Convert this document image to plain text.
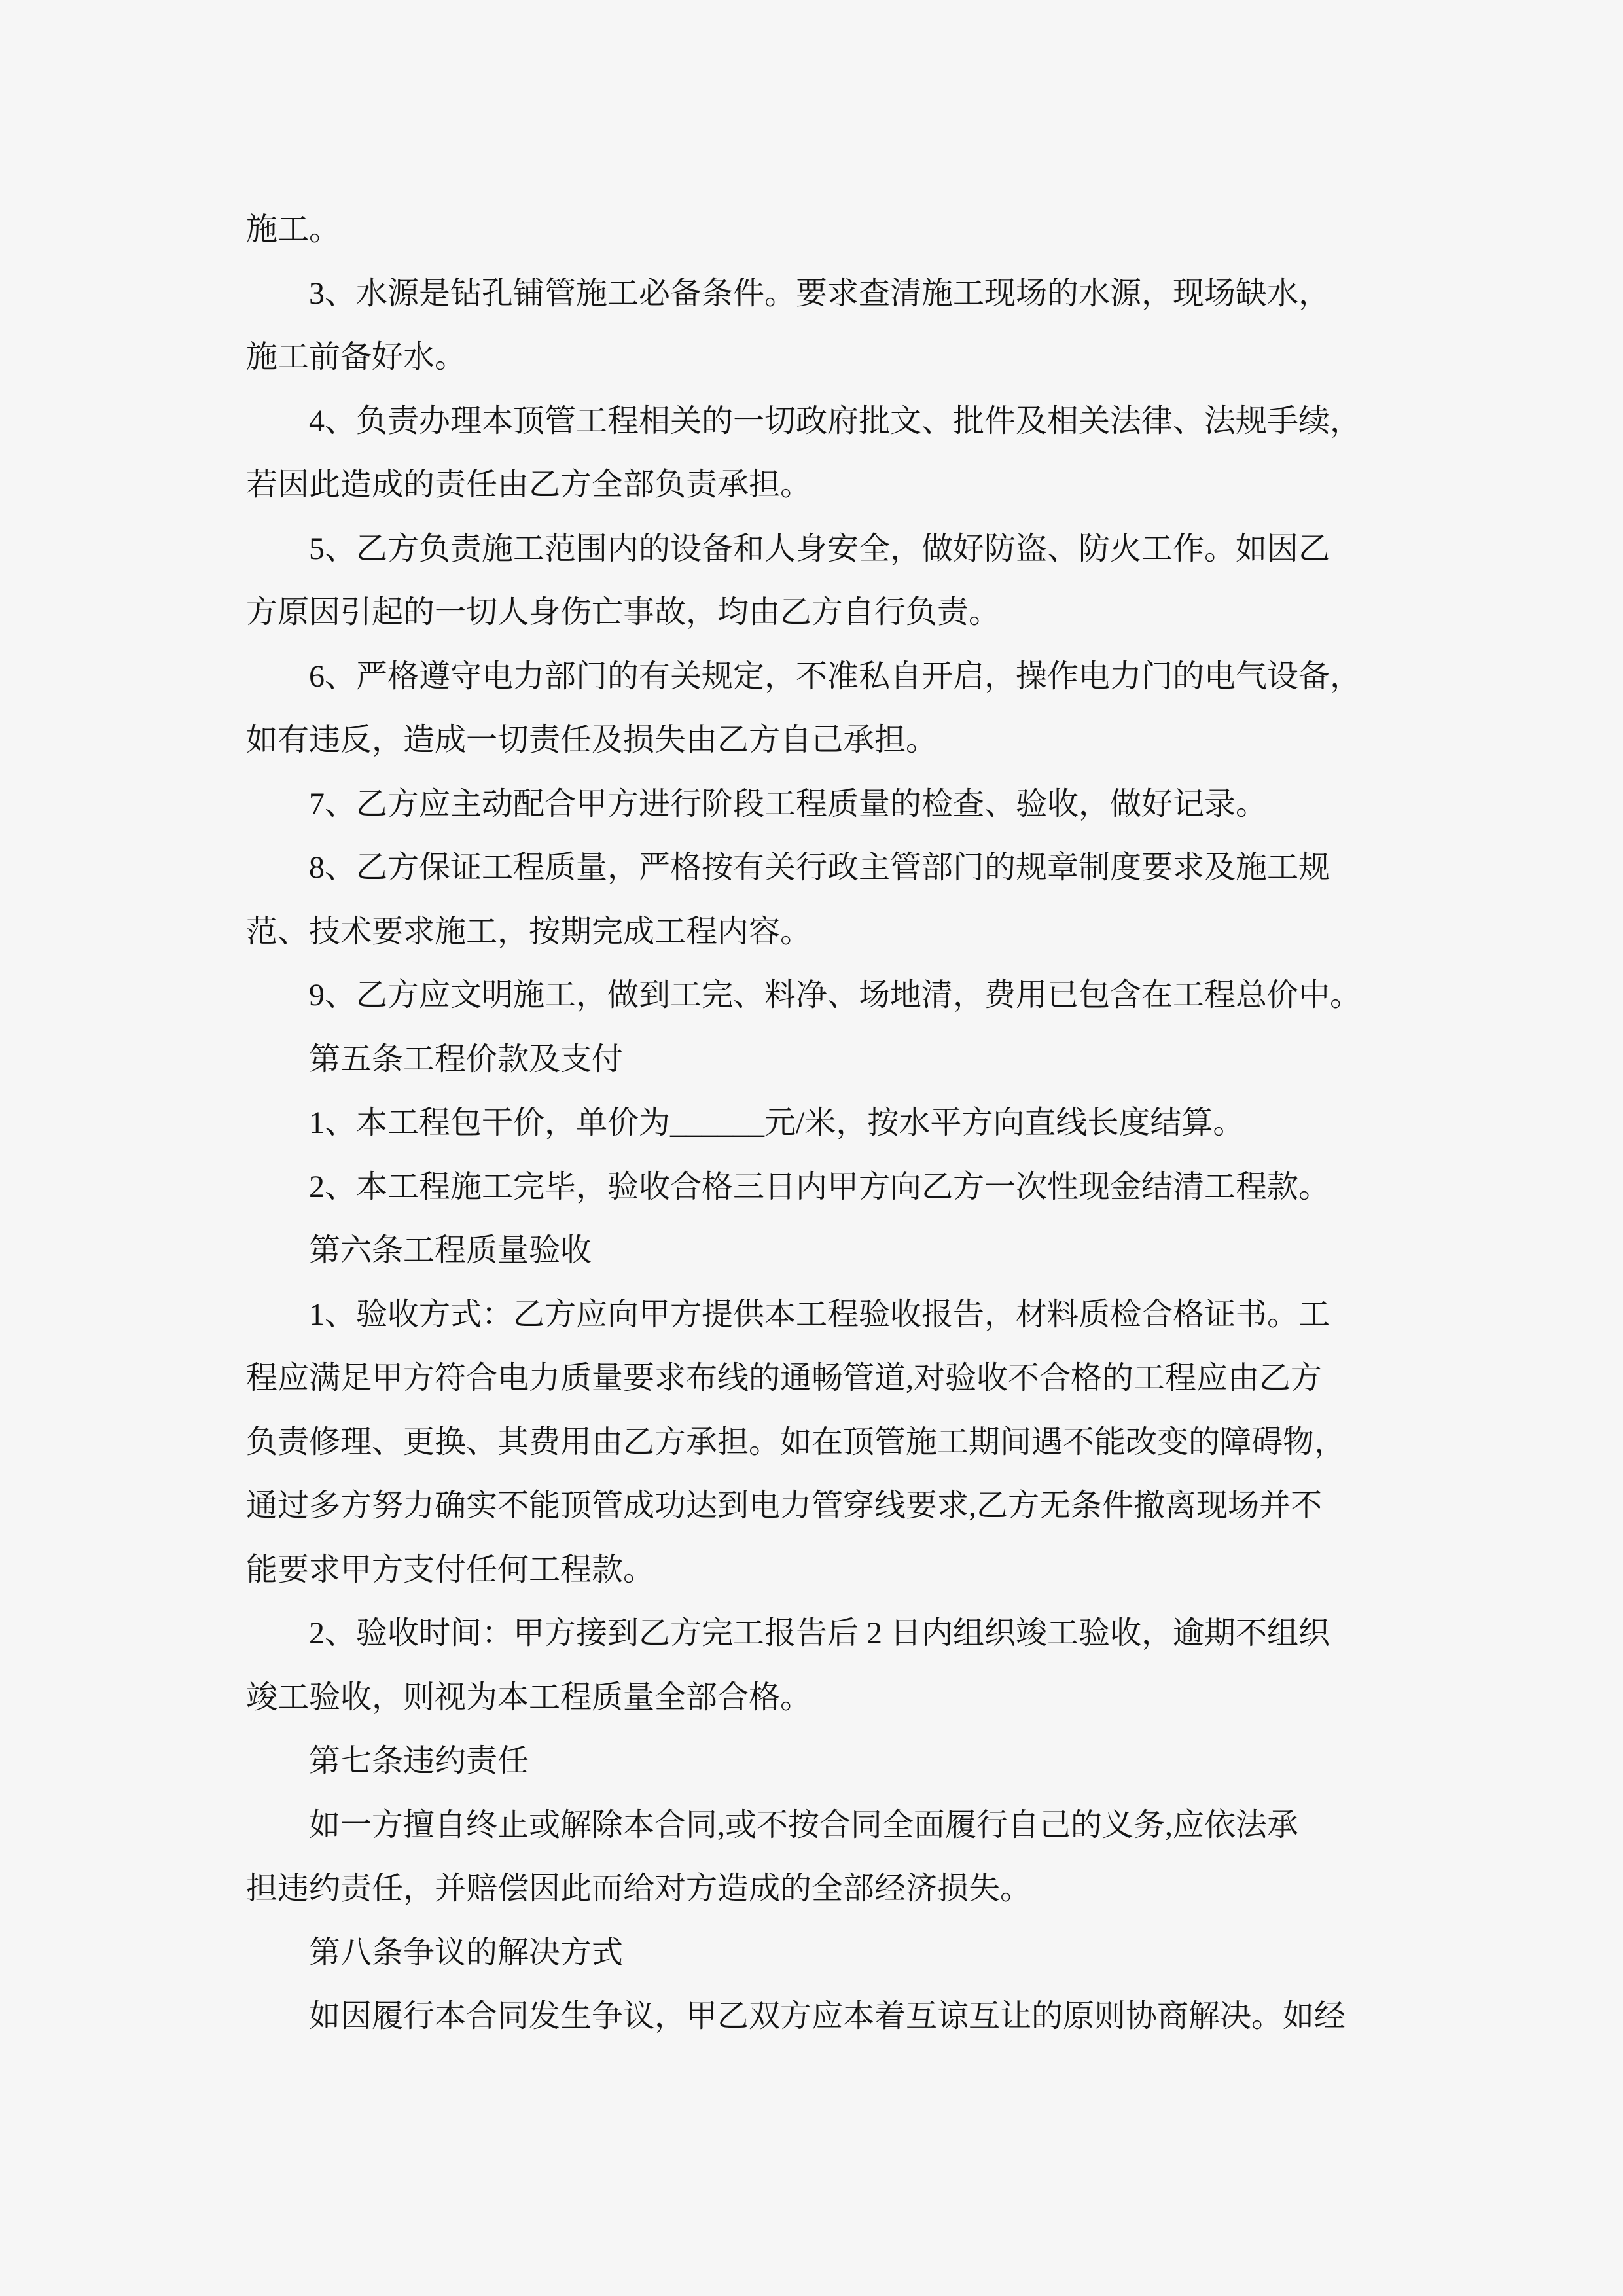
施工。
3、水源是钻孔铺管施工必备条件。要求查清施工现场的水源，现场缺水，
施工前备好水。
4、负责办理本顶管工程相关的一切政府批文、批件及相关法律、法规手续，
若因此造成的责任由乙方全部负责承担。
5、乙方负责施工范围内的设备和人身安全，做好防盗、防火工作。如因乙
方原因引起的一切人身伤亡事故，均由乙方自行负责。
6、严格遵守电力部门的有关规定，不准私自开启，操作电力门的电气设备，
如有违反，造成一切责任及损失由乙方自己承担。
7、乙方应主动配合甲方进行阶段工程质量的检查、验收，做好记录。
8、乙方保证工程质量，严格按有关行政主管部门的规章制度要求及施工规
范、技术要求施工，按期完成工程内容。
9、乙方应文明施工，做到工完、料净、场地清，费用已包含在工程总价中。
第五条工程价款及支付
1、本工程包干价，单价为______元/米，按水平方向直线长度结算。
2、本工程施工完毕，验收合格三日内甲方向乙方一次性现金结清工程款。
第六条工程质量验收
1、验收方式：乙方应向甲方提供本工程验收报告，材料质检合格证书。工
程应满足甲方符合电力质量要求布线的通畅管道,对验收不合格的工程应由乙方
负责修理、更换、其费用由乙方承担。如在顶管施工期间遇不能改变的障碍物，
通过多方努力确实不能顶管成功达到电力管穿线要求,乙方无条件撤离现场并不
能要求甲方支付任何工程款。
2、验收时间：甲方接到乙方完工报告后 2 日内组织竣工验收，逾期不组织
竣工验收，则视为本工程质量全部合格。
第七条违约责任
如一方擅自终止或解除本合同,或不按合同全面履行自己的义务,应依法承
担违约责任，并赔偿因此而给对方造成的全部经济损失。
第八条争议的解决方式
如因履行本合同发生争议，甲乙双方应本着互谅互让的原则协商解决。如经
